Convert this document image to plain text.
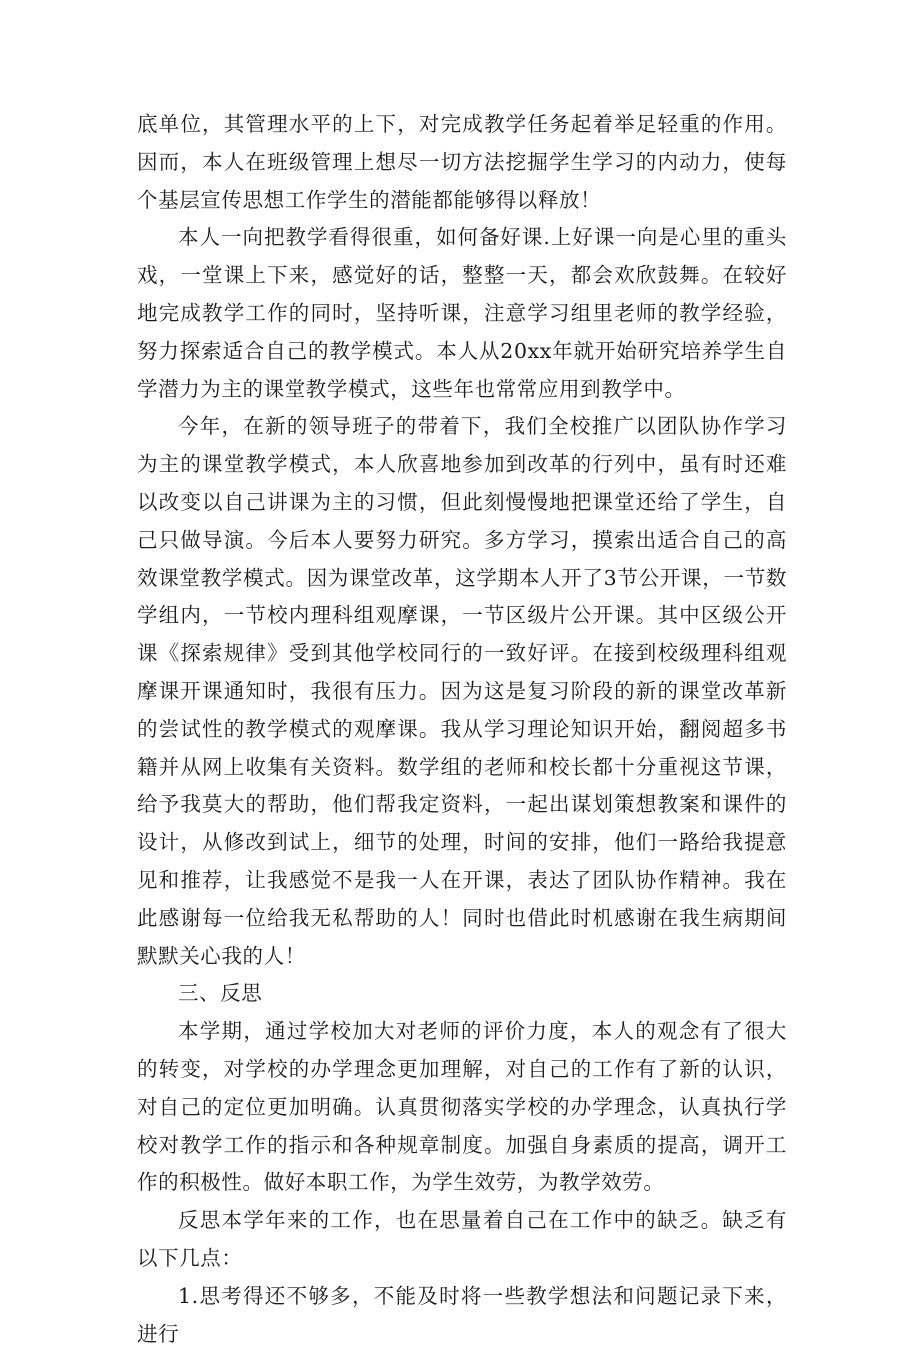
底单位，其管理水平的上下，对完成教学任务起着举足轻重的作用。因而，本人在班级管理上想尽一切方法挖掘学生学习的内动力，使每个基层宣传思想工作学生的潜能都能够得以释放！

本人一向把教学看得很重，如何备好课.上好课一向是心里的重头戏，一堂课上下来，感觉好的话，整整一天，都会欢欣鼓舞。在较好地完成教学工作的同时，坚持听课，注意学习组里老师的教学经验，努力探索适合自己的教学模式。本人从20xx年就开始研究培养学生自学潜力为主的课堂教学模式，这些年也常常应用到教学中。

今年，在新的领导班子的带着下，我们全校推广以团队协作学习为主的课堂教学模式，本人欣喜地参加到改革的行列中，虽有时还难以改变以自己讲课为主的习惯，但此刻慢慢地把课堂还给了学生，自己只做导演。今后本人要努力研究。多方学习，摸索出适合自己的高效课堂教学模式。因为课堂改革，这学期本人开了3节公开课，一节数学组内，一节校内理科组观摩课，一节区级片公开课。其中区级公开课《探索规律》受到其他学校同行的一致好评。在接到校级理科组观摩课开课通知时，我很有压力。因为这是复习阶段的新的课堂改革新的尝试性的教学模式的观摩课。我从学习理论知识开始，翻阅超多书籍并从网上收集有关资料。数学组的老师和校长都十分重视这节课，给予我莫大的帮助，他们帮我定资料，一起出谋划策想教案和课件的设计，从修改到试上，细节的处理，时间的安排，他们一路给我提意见和推荐，让我感觉不是我一人在开课，表达了团队协作精神。我在此感谢每一位给我无私帮助的人！同时也借此时机感谢在我生病期间默默关心我的人！

三、反思

本学期，通过学校加大对老师的评价力度，本人的观念有了很大的转变，对学校的办学理念更加理解，对自己的工作有了新的认识，对自己的定位更加明确。认真贯彻落实学校的办学理念，认真执行学校对教学工作的指示和各种规章制度。加强自身素质的提高，调开工作的积极性。做好本职工作，为学生效劳，为教学效劳。

反思本学年来的工作，也在思量着自己在工作中的缺乏。缺乏有以下几点：

1.思考得还不够多，不能及时将一些教学想法和问题记录下来，进行
